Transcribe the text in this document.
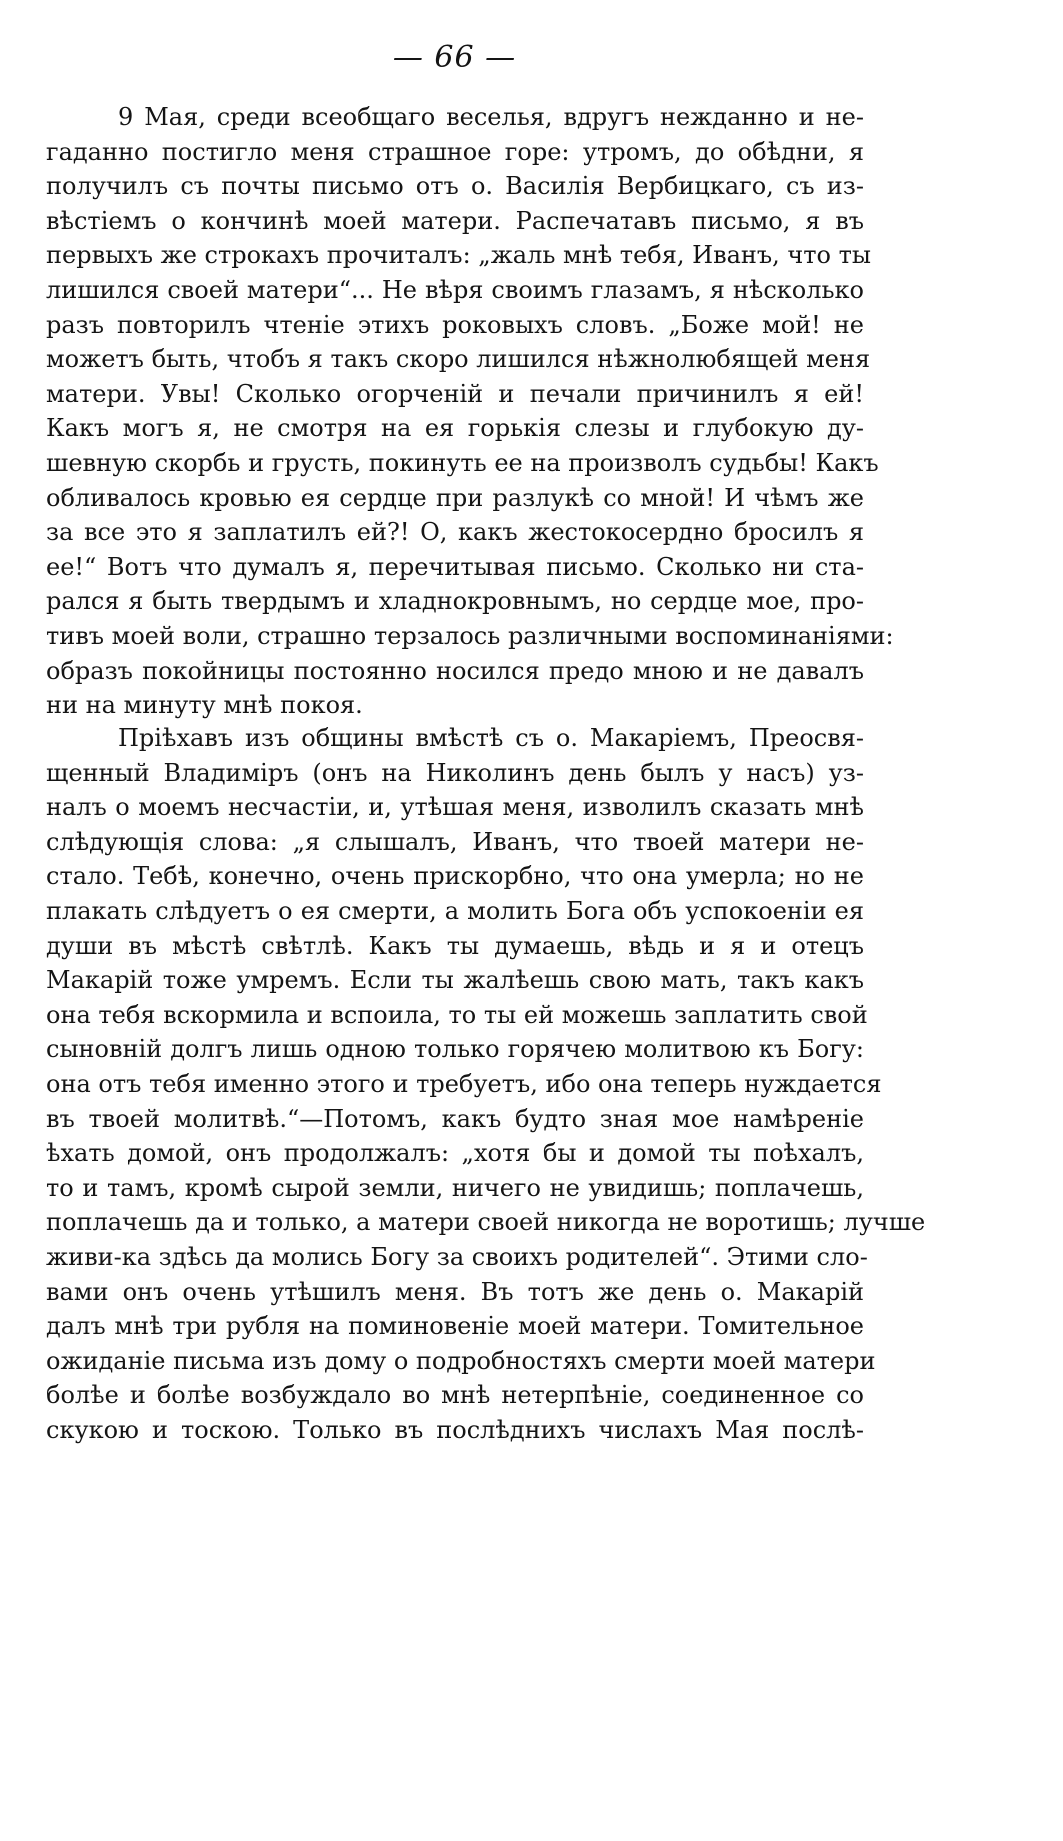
— 66 —
9 Мая, среди всеобщаго веселья, вдругъ нежданно и не-
гаданно постигло меня страшное горе: утромъ, до обѣдни, я
получилъ съ почты письмо отъ о. Василія Вербицкаго, съ из-
вѣстіемъ о кончинѣ моей матери. Распечатавъ письмо, я въ
первыхъ же строкахъ прочиталъ: „жаль мнѣ тебя, Иванъ, что ты
лишился своей матери“... Не вѣря своимъ глазамъ, я нѣсколько
разъ повторилъ чтеніе этихъ роковыхъ словъ. „Боже мой! не
можетъ быть, чтобъ я такъ скоро лишился нѣжнолюбящей меня
матери. Увы! Сколько огорченій и печали причинилъ я ей!
Какъ могъ я, не смотря на ея горькія слезы и глубокую ду-
шевную скорбь и грусть, покинуть ее на произволъ судьбы! Какъ
обливалось кровью ея сердце при разлукѣ со мной! И чѣмъ же
за все это я заплатилъ ей?! О, какъ жестокосердно бросилъ я
ее!“ Вотъ что думалъ я, перечитывая письмо. Сколько ни ста-
рался я быть твердымъ и хладнокровнымъ, но сердце мое, про-
тивъ моей воли, страшно терзалось различными воспоминаніями:
образъ покойницы постоянно носился предо мною и не давалъ
ни на минуту мнѣ покоя.
Пріѣхавъ изъ общины вмѣстѣ съ о. Макаріемъ, Преосвя-
щенный Владиміръ (онъ на Николинъ день былъ у насъ) уз-
налъ о моемъ несчастіи, и, утѣшая меня, изволилъ сказать мнѣ
слѣдующія слова: „я слышалъ, Иванъ, что твоей матери не-
стало. Тебѣ, конечно, очень прискорбно, что она умерла; но не
плакать слѣдуетъ о ея смерти, а молить Бога объ успокоеніи ея
души въ мѣстѣ свѣтлѣ. Какъ ты думаешь, вѣдь и я и отецъ
Макарій тоже умремъ. Если ты жалѣешь свою мать, такъ какъ
она тебя вскормила и вспоила, то ты ей можешь заплатить свой
сыновній долгъ лишь одною только горячею молитвою къ Богу:
она отъ тебя именно этого и требуетъ, ибо она теперь нуждается
въ твоей молитвѣ.“—Потомъ, какъ будто зная мое намѣреніе
ѣхать домой, онъ продолжалъ: „хотя бы и домой ты поѣхалъ,
то и тамъ, кромѣ сырой земли, ничего не увидишь; поплачешь,
поплачешь да и только, а матери своей никогда не воротишь; лучше
живи-ка здѣсь да молись Богу за своихъ родителей“. Этими сло-
вами онъ очень утѣшилъ меня. Въ тотъ же день о. Макарій
далъ мнѣ три рубля на поминовеніе моей матери. Томительное
ожиданіе письма изъ дому о подробностяхъ смерти моей матери
болѣе и болѣе возбуждало во мнѣ нетерпѣніе, соединенное со
скукою и тоскою. Только въ послѣднихъ числахъ Мая послѣ-
